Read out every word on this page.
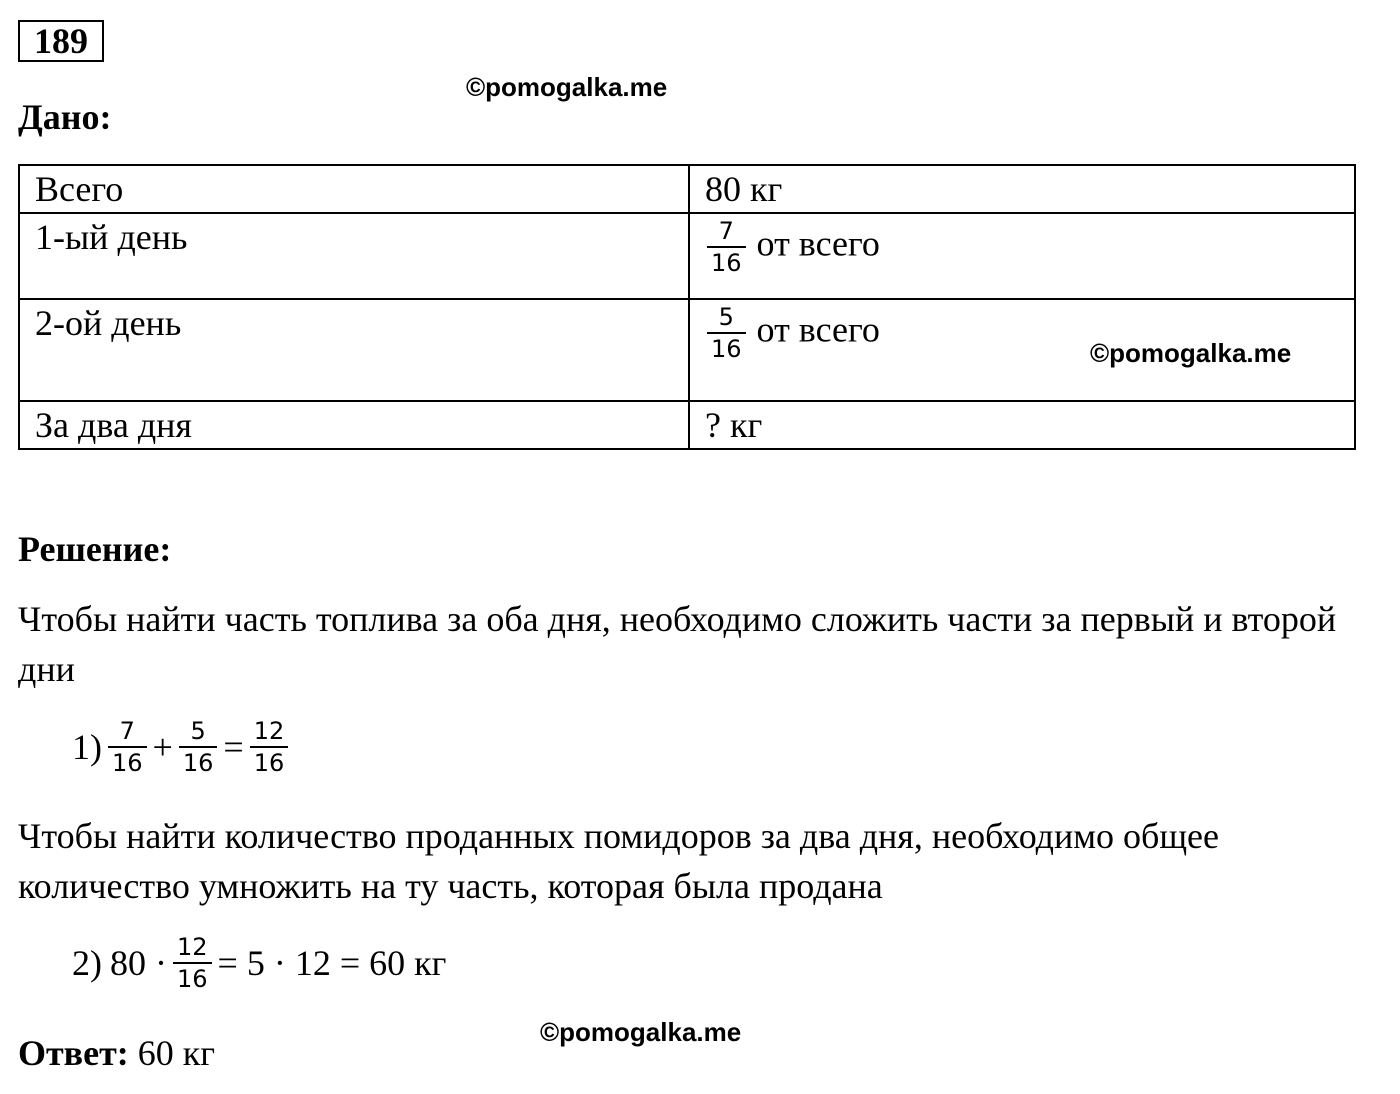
189
©pomogalka.me
Дано:
Всего	80 кг
1-ый день	$\frac{7}{16}$ от всего
2-ой день	$\frac{5}{16}$ от всего
За два дня	? кг
©pomogalka.me
Решение:
Чтобы найти часть топлива за оба дня, необходимо сложить части за первый и второй дни
$1) \frac{7}{16} + \frac{5}{16} = \frac{12}{16}$
Чтобы найти количество проданных помидоров за два дня, необходимо общее количество умножить на ту часть, которая была продана
2) $80 \cdot \frac{12}{16} = 5 \cdot 12 = 60$ кг
©pomogalka.me
Ответ: 60 кг
